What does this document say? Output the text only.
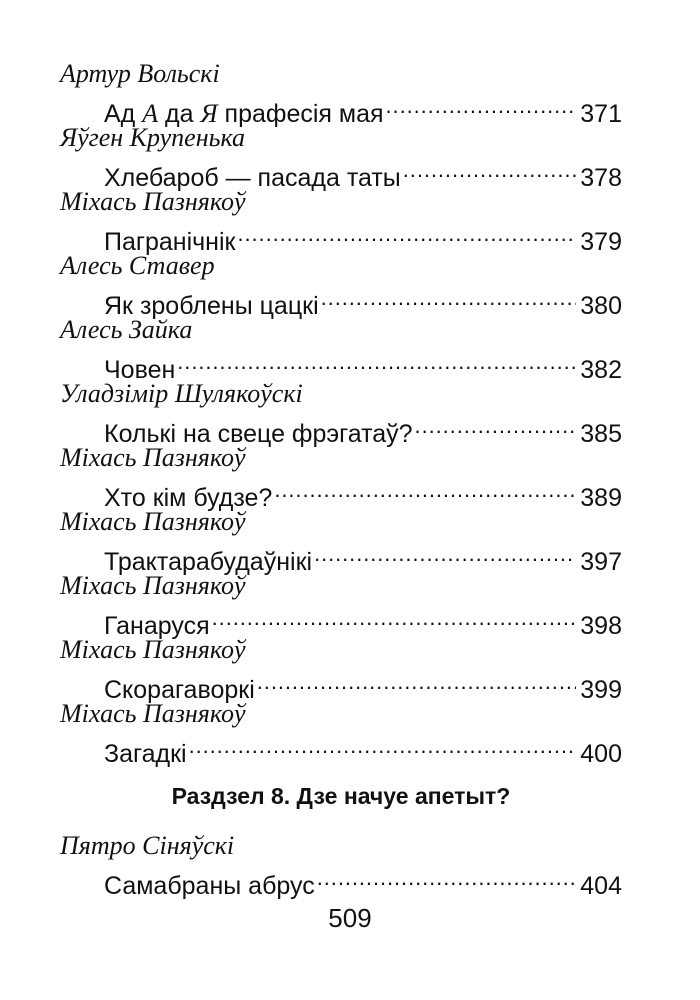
Артур Вольскі
Ад А да Я прафесія мая . . .	371
Яўген Крупенька
Хлебароб — пасада таты . . .	378
Міхась Пазнякоў
Пагранічнік . . .	379
Алесь Ставер
Як зроблены цацкі . . .	380
Алесь Зайка
Човен . . .	382
Уладзімір Шулякоўскі
Колькі на свеце фрэгатаў? . . .	385
Міхась Пазнякоў
Хто кім будзе? . . .	389
Міхась Пазнякоў
Трактарабудаўнікі . . .	397
Міхась Пазнякоў
Ганаруся . . .	398
Міхась Пазнякоў
Скорагаворкі . . .	399
Міхась Пазнякоў
Загадкі . . .	400
Раздзел 8. Дзе начуе апетыт?
Пятро Сіняўскі
Самабраны абрус . . .	404
509
